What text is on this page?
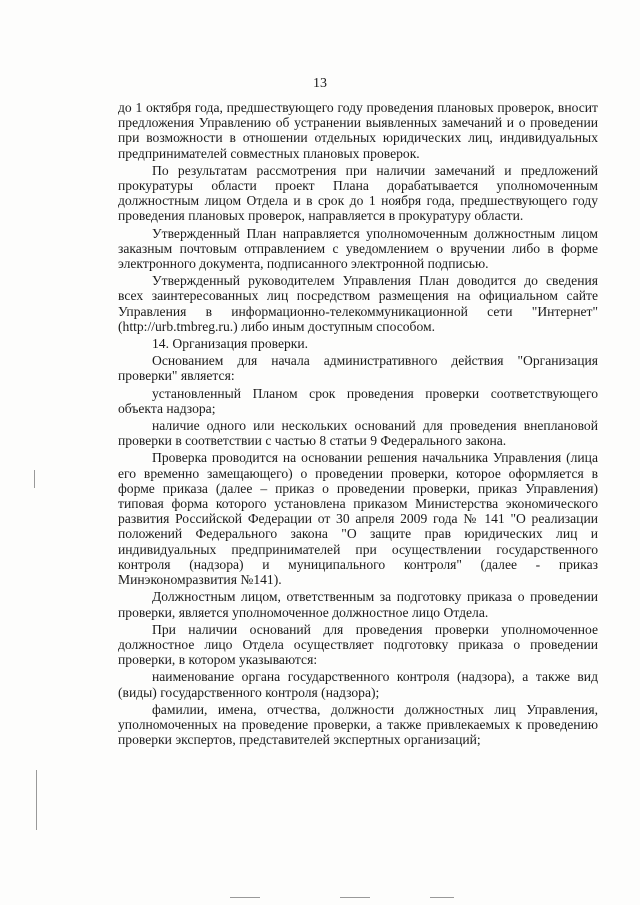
13

до 1 октября года, предшествующего году проведения плановых проверок, вносит предложения Управлению об устранении выявленных замечаний и о проведении при возможности в отношении отдельных юридических лиц, индивидуальных предпринимателей совместных плановых проверок.

По результатам рассмотрения при наличии замечаний и предложений прокуратуры области проект Плана дорабатывается уполномоченным должностным лицом Отдела и в срок до 1 ноября года, предшествующего году проведения плановых проверок, направляется в прокуратуру области.

Утвержденный План направляется уполномоченным должностным лицом заказным почтовым отправлением с уведомлением о вручении либо в форме электронного документа, подписанного электронной подписью.

Утвержденный руководителем Управления План доводится до сведения всех заинтересованных лиц посредством размещения на официальном сайте Управления в информационно-телекоммуникационной сети "Интернет" (http://urb.tmbreg.ru.) либо иным доступным способом.

14. Организация проверки.

Основанием для начала административного действия "Организация проверки" является:

установленный Планом срок проведения проверки соответствующего объекта надзора;

наличие одного или нескольких оснований для проведения внеплановой проверки в соответствии с частью 8 статьи 9 Федерального закона.

Проверка проводится на основании решения начальника Управления (лица его временно замещающего) о проведении проверки, которое оформляется в форме приказа (далее – приказ о проведении проверки, приказ Управления) типовая форма которого установлена приказом Министерства экономического развития Российской Федерации от 30 апреля 2009 года № 141 "О реализации положений Федерального закона "О защите прав юридических лиц и индивидуальных предпринимателей при осуществлении государственного контроля (надзора) и муниципального контроля" (далее - приказ Минэкономразвития №141).

Должностным лицом, ответственным за подготовку приказа о проведении проверки, является уполномоченное должностное лицо Отдела.

При наличии оснований для проведения проверки уполномоченное должностное лицо Отдела осуществляет подготовку приказа о проведении проверки, в котором указываются:

наименование органа государственного контроля (надзора), а также вид (виды) государственного контроля (надзора);

фамилии, имена, отчества, должности должностных лиц Управления, уполномоченных на проведение проверки, а также привлекаемых к проведению проверки экспертов, представителей экспертных организаций;
